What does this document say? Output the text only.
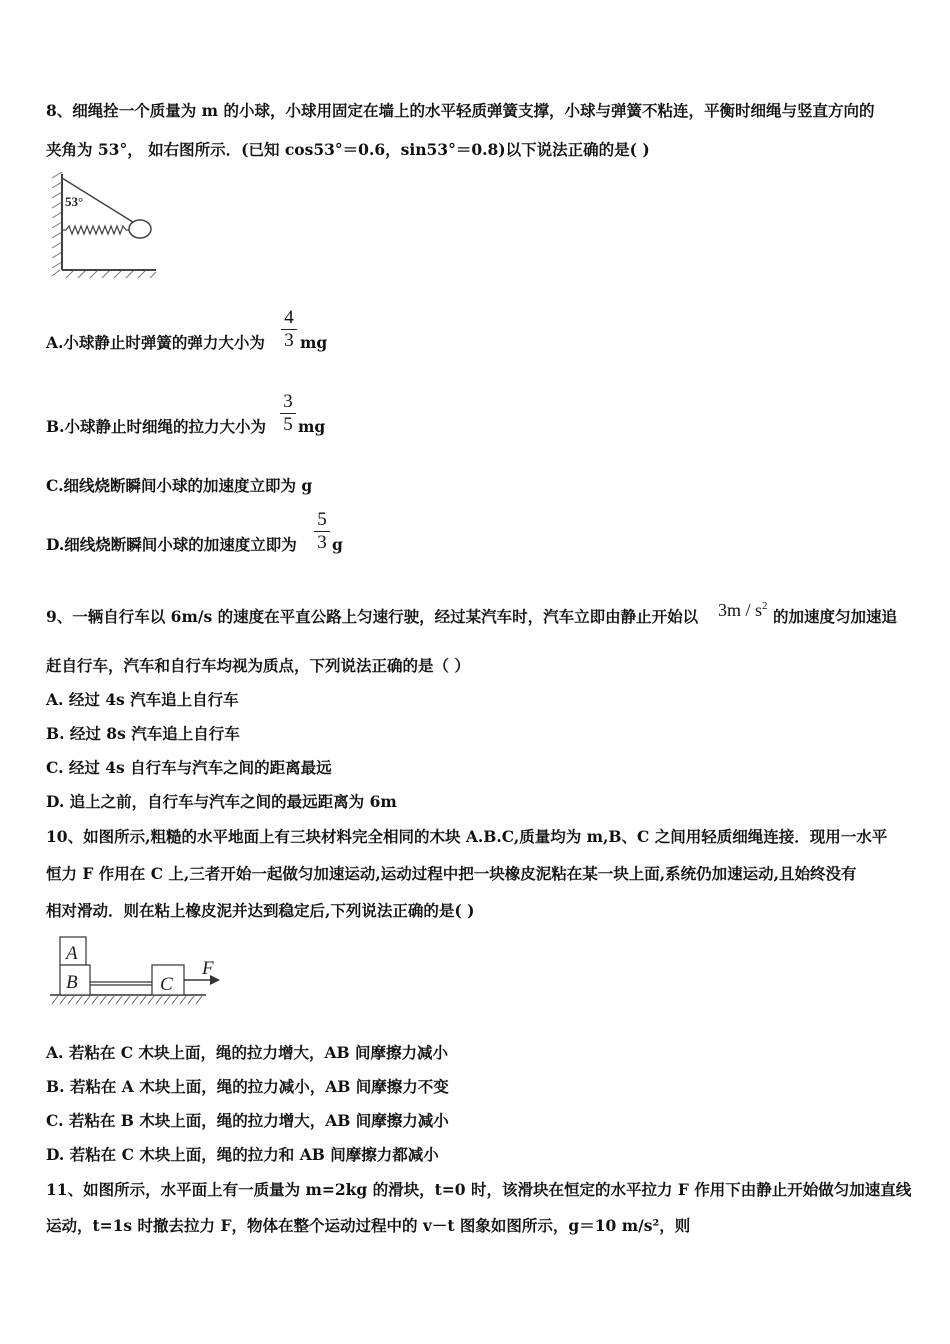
8、细绳拴一个质量为 m 的小球，小球用固定在墙上的水平轻质弹簧支撑，小球与弹簧不粘连，平衡时细绳与竖直方向的
夹角为 53°， 如右图所示．(已知 cos53°＝0.6，sin53°＝0.8)以下说法正确的是( )
53°
A.小球静止时弹簧的弹力大小为 $\frac{4}{3}$ mg
B.小球静止时细绳的拉力大小为 $\frac{3}{5}$ mg
C.细线烧断瞬间小球的加速度立即为 g
D.细线烧断瞬间小球的加速度立即为 $\frac{5}{3}$ g
9、一辆自行车以 6m/s 的速度在平直公路上匀速行驶，经过某汽车时，汽车立即由静止开始以 $3m / s^2$
的加速度匀加速追
赶自行车，汽车和自行车均视为质点，下列说法正确的是（ ）
A. 经过 4s 汽车追上自行车
B. 经过 8s 汽车追上自行车
C. 经过 4s 自行车与汽车之间的距离最远
D. 追上之前，自行车与汽车之间的最远距离为 6m
10、如图所示,粗糙的水平地面上有三块材料完全相同的木块 A.B.C,质量均为 m,B、C 之间用轻质细绳连接．现用一水平
恒力 F 作用在 C 上,三者开始一起做匀加速运动,运动过程中把一块橡皮泥粘在某一块上面,系统仍加速运动,且始终没有
相对滑动．则在粘上橡皮泥并达到稳定后,下列说法正确的是( )
A
B	C
F
A. 若粘在 C 木块上面，绳的拉力增大，AB 间摩擦力减小
B. 若粘在 A 木块上面，绳的拉力减小，AB 间摩擦力不变
C. 若粘在 B 木块上面，绳的拉力增大，AB 间摩擦力减小
D. 若粘在 C 木块上面，绳的拉力和 AB 间摩擦力都减小
11、如图所示，水平面上有一质量为 m=2kg 的滑块，t=0 时，该滑块在恒定的水平拉力 F 作用下由静止开始做匀加速直线
运动，t=1s 时撤去拉力 F，物体在整个运动过程中的 v－t 图象如图所示，g＝10 m/s²，则
